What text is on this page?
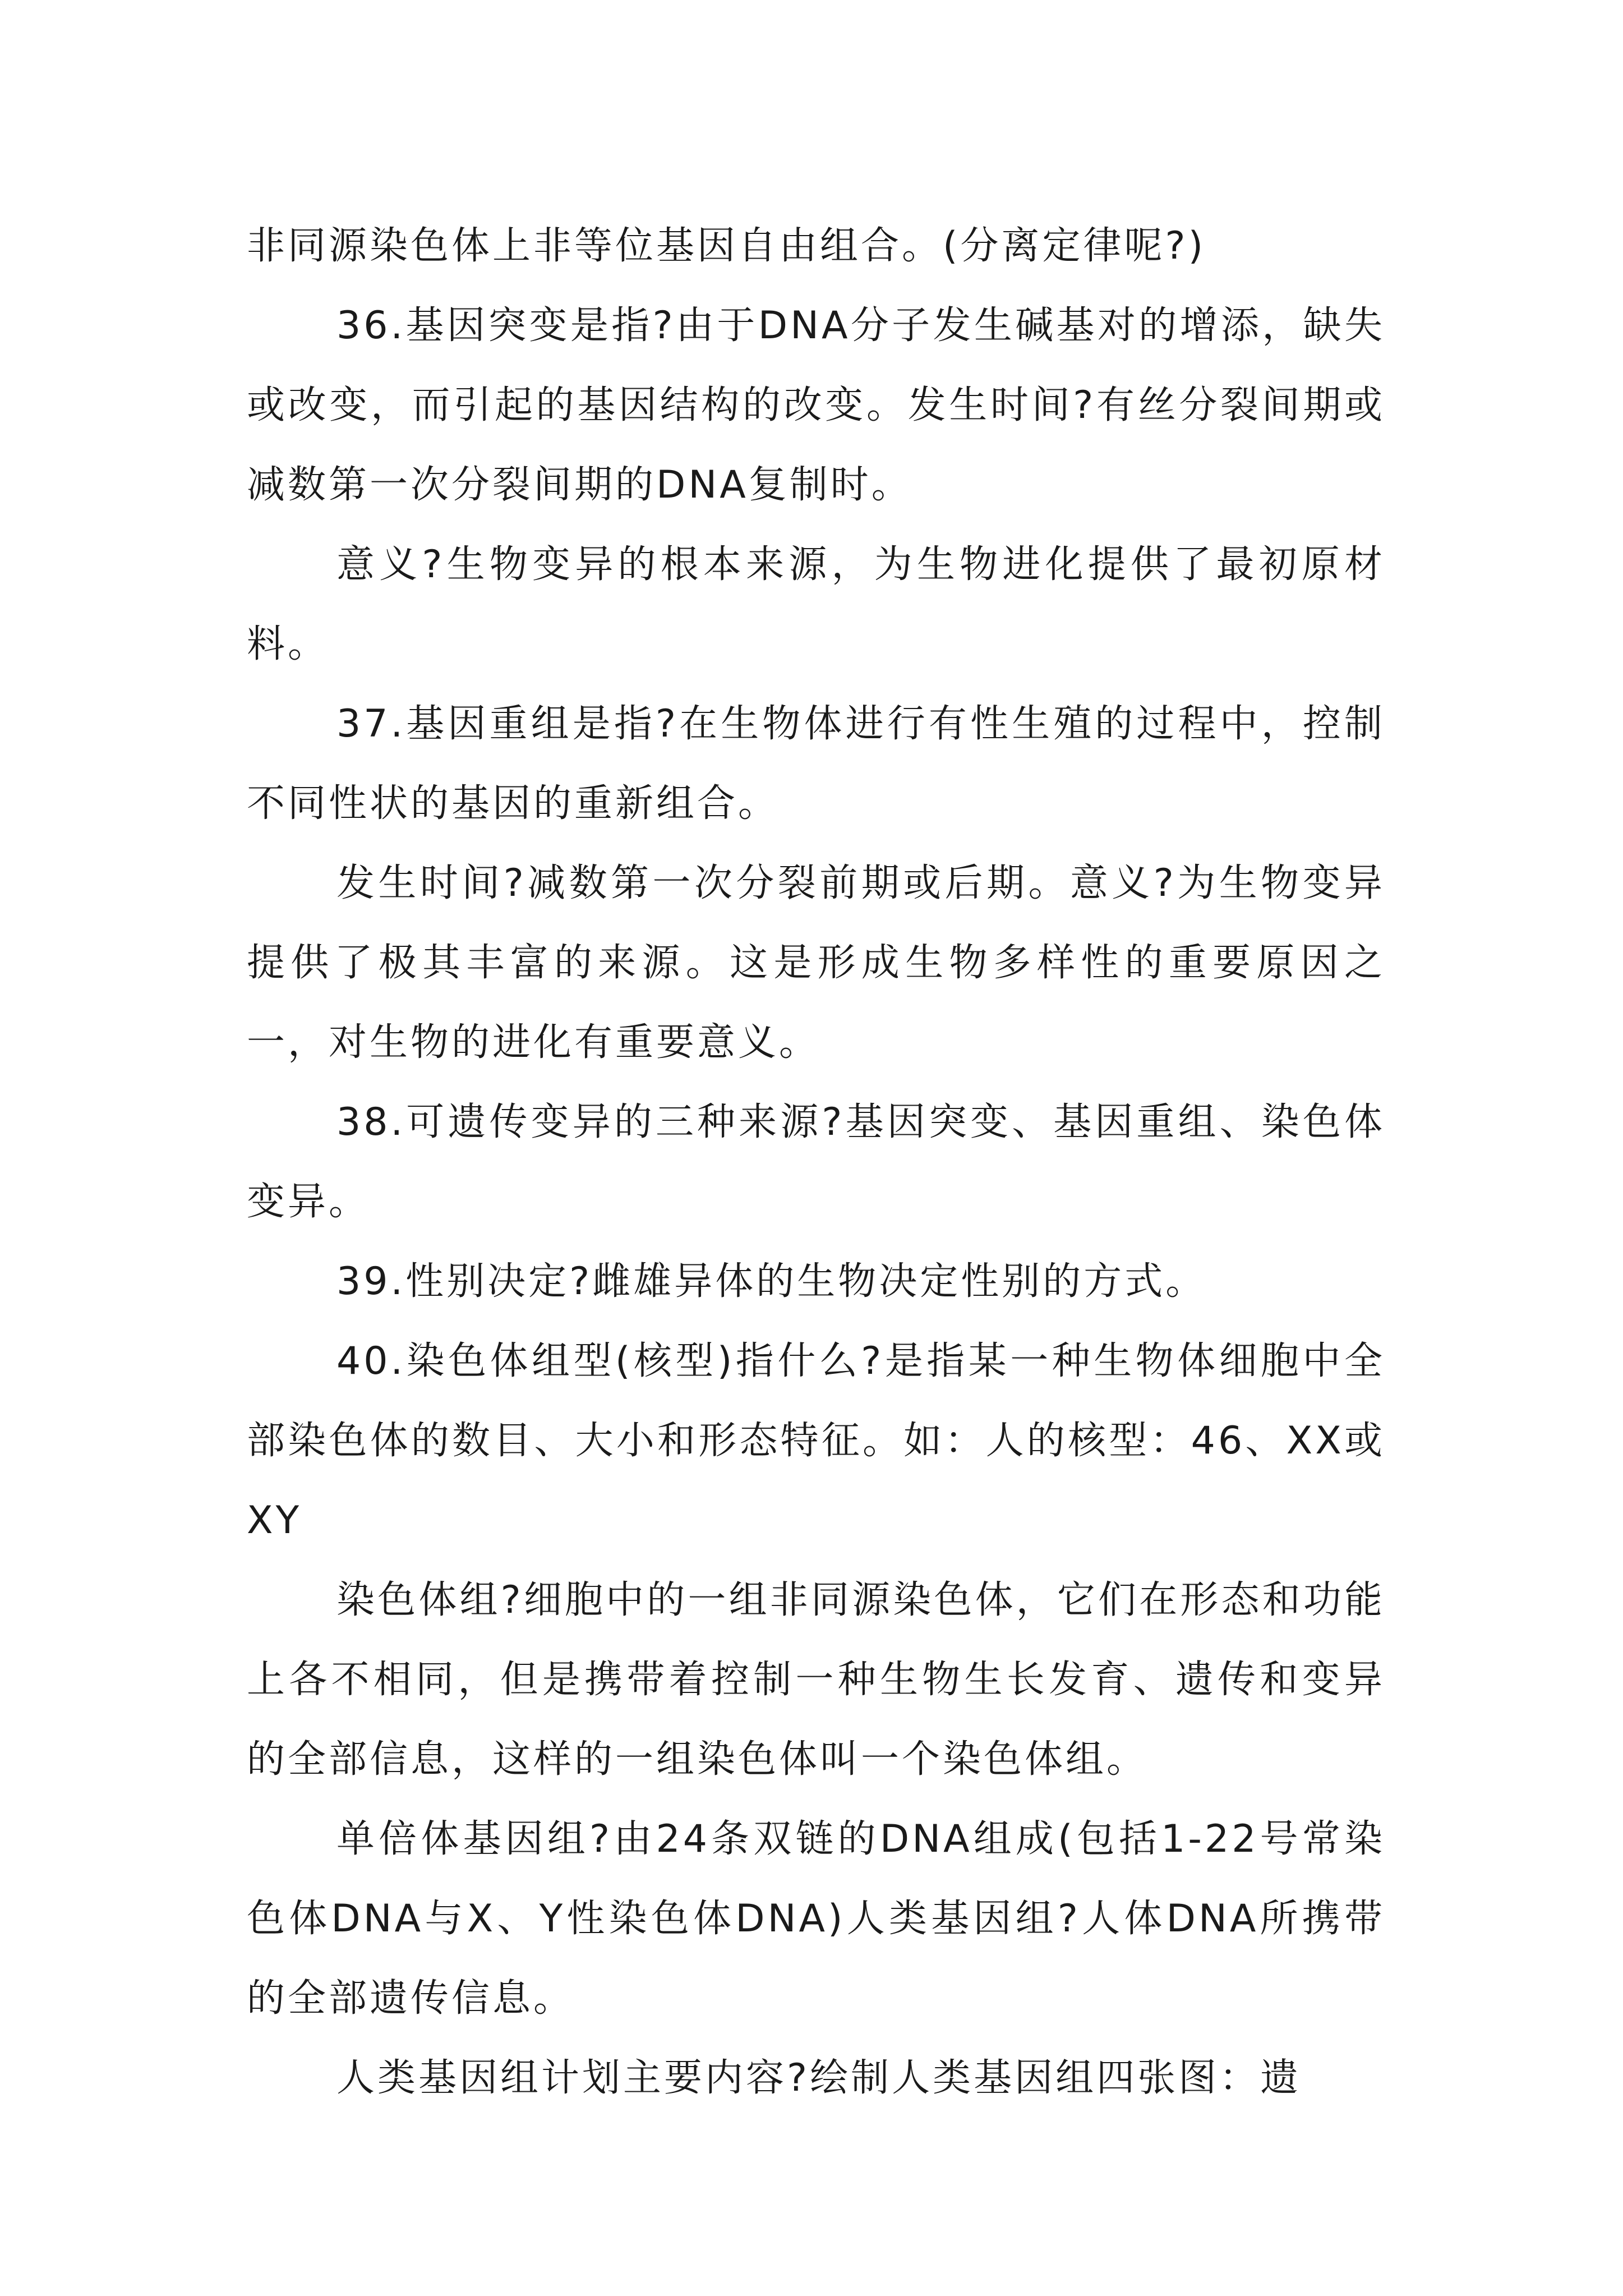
非同源染色体上非等位基因自由组合。(分离定律呢?)

36.基因突变是指?由于DNA分子发生碱基对的增添，缺失或改变，而引起的基因结构的改变。发生时间?有丝分裂间期或减数第一次分裂间期的DNA复制时。

意义?生物变异的根本来源，为生物进化提供了最初原材料。

37.基因重组是指?在生物体进行有性生殖的过程中，控制不同性状的基因的重新组合。

发生时间?减数第一次分裂前期或后期。意义?为生物变异提供了极其丰富的来源。这是形成生物多样性的重要原因之一，对生物的进化有重要意义。

38.可遗传变异的三种来源?基因突变、基因重组、染色体变异。

39.性别决定?雌雄异体的生物决定性别的方式。

40.染色体组型(核型)指什么?是指某一种生物体细胞中全部染色体的数目、大小和形态特征。如：人的核型：46、XX或XY

染色体组?细胞中的一组非同源染色体，它们在形态和功能上各不相同，但是携带着控制一种生物生长发育、遗传和变异的全部信息，这样的一组染色体叫一个染色体组。

单倍体基因组?由24条双链的DNA组成(包括1-22号常染色体DNA与X、Y性染色体DNA)人类基因组?人体DNA所携带的全部遗传信息。

人类基因组计划主要内容?绘制人类基因组四张图：遗
